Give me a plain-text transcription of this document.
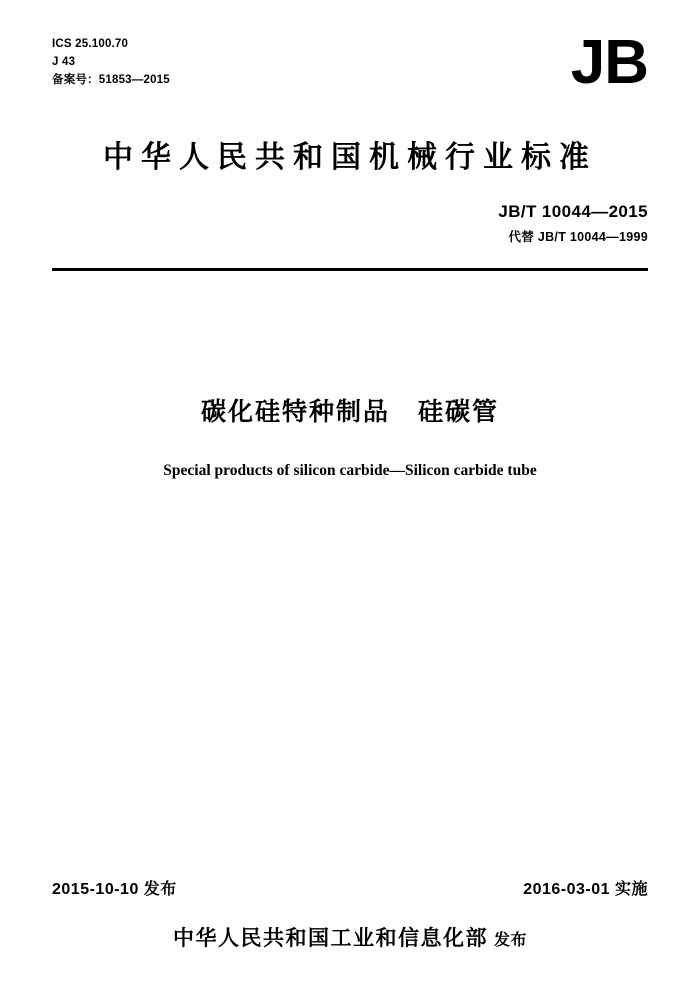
ICS 25.100.70
J 43
备案号：51853—2015	JB
中华人民共和国机械行业标准
JB/T 10044—2015
代替 JB/T 10044—1999
碳化硅特种制品 硅碳管
Special products of silicon carbide—Silicon carbide tube
2015-10-10 发布	2016-03-01 实施
中华人民共和国工业和信息化部 发布
